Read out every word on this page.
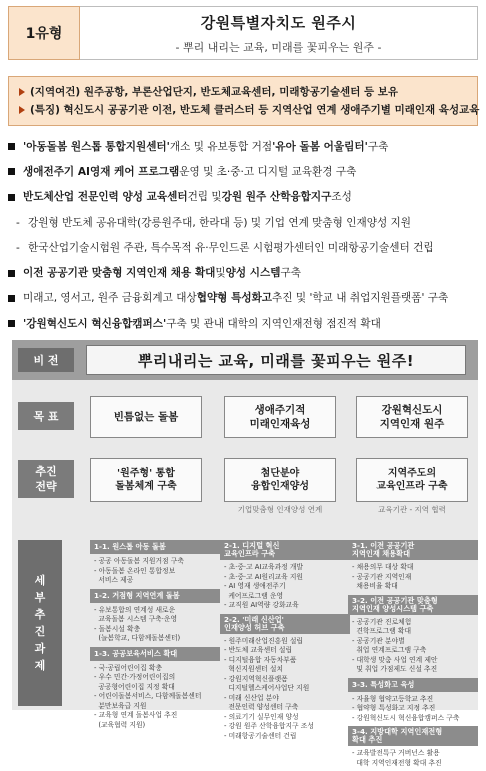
1유형
강원특별자치도 원주시
- 뿌리 내리는 교육, 미래를 꽃피우는 원주 -
(지역여건) 원주공항, 부론산업단지, 반도체교육센터, 미래항공기술센터 등 보유
(특징) 혁신도시 공공기관 이전, 반도체 클러스터 등 지역산업 연계 생애주기별 미래인재 육성교육
'아동돌봄 원스톱 통합지원센터' 개소 및 유보통합 거점 '유아 돌봄 어울림터' 구축
생애전주기 AI영재 케어 프로그램 운영 및 초·중·고 디지털 교육환경 구축
반도체산업 전문인력 양성 교육센터 건립 및 강원 원주 산학융합지구 조성
- 강원형 반도체 공유대학(강릉원주대, 한라대 등) 및 기업 연계 맞춤형 인재양성 지원
- 한국산업기술시험원 주관, 특수목적 유·무인드론 시험평가센터인 미래항공기술센터 건립
이전 공공기관 맞춤형 지역인재 채용 확대 및 양성 시스템 구축
미래고, 영서고, 원주 금융회계고 대상 협약형 특성화고 추진 및 '학교 내 취업지원플랫폼' 구축
'강원혁신도시 혁신융합캠퍼스' 구축 및 관내 대학의 지역인재전형 점진적 확대
비 전	뿌리내리는 교육, 미래를 꽃피우는 원주!
목 표	빈틈없는 돌봄
생애주기적
미래인재육성
강원혁신도시
지역인재 원주
추진
전략
'원주형' 통합
돌봄체계 구축
첨단분야
융합인재양성
지역주도의
교육인프라 구축
기업맞춤형 인재양성 연계	교육기관 - 지역 협력
세
부
추
진
과
제
1-1. 원스톱 아동 돌봄
- 공공 아동돌봄 지원거점 구축
- 아동돌봄 온라인 통합정보
서비스 제공
1-2. 거점형 지역연계 돌봄
- 유보통합의 연계성 새로운
교육돌봄 시스템 구축·운영
- 돌봄시설 확충
(늘봄학교, 다함께돌봄센터)
1-3. 공공보육서비스 확대
- 국·공립어린이집 확충
- 우수 민간·가정어린이집의
공공형어린이집 지정 확대
- 어린이돌봄서비스, 다함께돌봄센터
분만보육급 지원
- 교육형 연계 돌봄사업 추진
(교육협력 지원)
2-1. 디지털 혁신
교육인프라 구축
- 초·중·고 AI교육과정 개발
- 초·중·고 AI원리교육 지원
- AI 영재 생애전주기
케어프로그램 운영
- 교직원 AI역량 강화교육
2-2. '미래 신산업'
인재양성 허브 구축
- 원주미래산업진흥원 설립
- 반도체 교육센터 설립
- 디지털융합 자동차부품
혁신지원센터 설치
- 강원지역혁신플랫폼
디지털헬스케어사업단 지원
- 미래 신산업 분야
전문인력 양성센터 구축
- 의료기기 실무인재 양성
- 강원 원주 산학융합지구 조성
- 미래항공기술센터 건립
3-1. 이전 공공기관
지역인재 채용확대
- 채용의무 대상 확대
- 공공기관 지역인재
채용비율 확대
3-2. 이전 공공기관 맞춤형
지역인재 양성시스템 구축
- 공공기관 진로체험
견학프로그램 확대
- 공공기관 분야별
취업 연계프로그램 구축
- 대학생 맞춤 사업 연계 제안
및 취업 가점제도 신설 추진
3-3. 특성화고 육성
- 자율형 협약고등학교 추진
- 협약형 특성화고 지정 추진
- 강원혁신도시 혁신융합캠퍼스 구축
3-4. 지방대학 지역인재전형
확대 추진
- 교육발전특구 거버넌스 활용
대학 지역인재전형 확대 추진
